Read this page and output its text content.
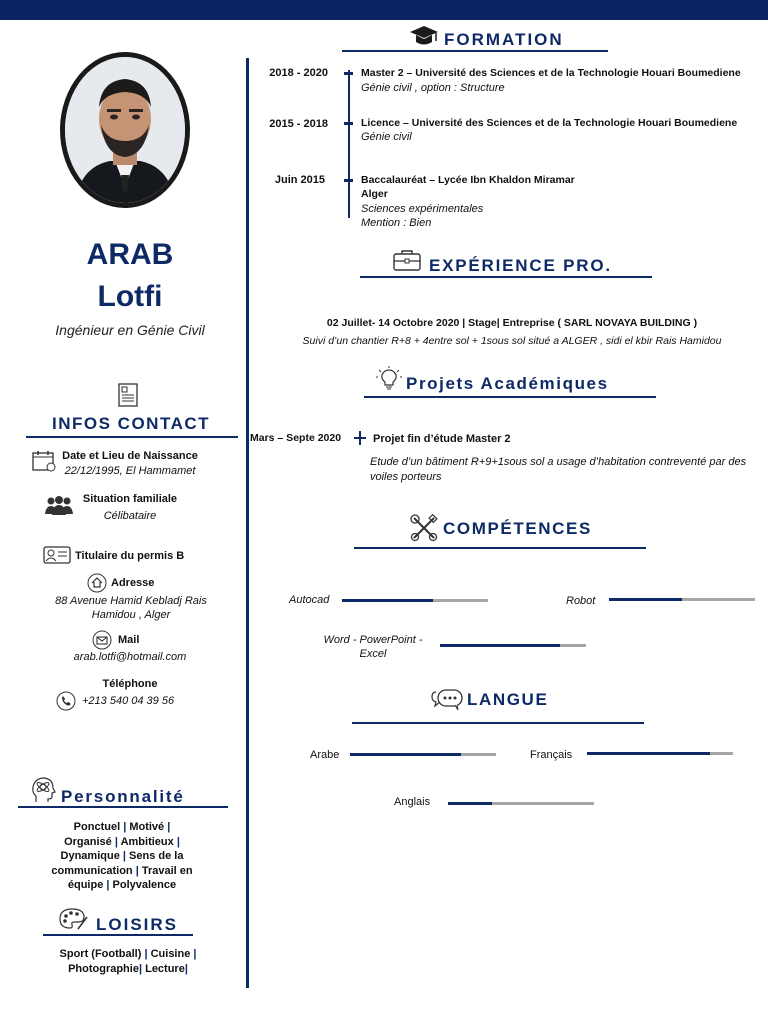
ARAB
Lotfi
Ingénieur en Génie Civil
INFOS CONTACT
Date et Lieu de Naissance
22/12/1995, El Hammamet
Situation familiale
Célibataire
Titulaire du permis B
Adresse
88 Avenue Hamid Kebladj Rais Hamidou , Alger
Mail
arab.lotfi@hotmail.com
Téléphone
+213 540 04 39 56
Personnalité
Ponctuel | Motivé |
Organisé | Ambitieux |
Dynamique | Sens de la
communication | Travail en
équipe | Polyvalence
LOISIRS
Sport (Football) | Cuisine |
Photographie| Lecture|
FORMATION
2018 - 2020	Master 2 – Université des Sciences et de la Technologie Houari Boumediene
Génie civil , option : Structure
2015 - 2018	Licence – Université des Sciences et de la Technologie Houari Boumediene
Génie civil
Juin 2015	Baccalauréat – Lycée Ibn Khaldon Miramar
Alger
Sciences expérimentales
Mention : Bien
EXPÉRIENCE PRO.
02 Juillet- 14 Octobre 2020 | Stage| Entreprise ( SARL NOVAYA BUILDING )
Suivi d’un chantier R+8 + 4entre sol + 1sous sol situé a ALGER , sidi el kbir Rais Hamidou
Projets Académiques
Mars – Septe 2020	Projet fin d’étude Master 2
Etude d’un bâtiment R+9+1sous sol a usage d’habitation contreventé par des voiles porteurs
COMPÉTENCES
Autocad	Robot
Word - PowerPoint -Excel
LANGUE
Arabe	Français
Anglais
